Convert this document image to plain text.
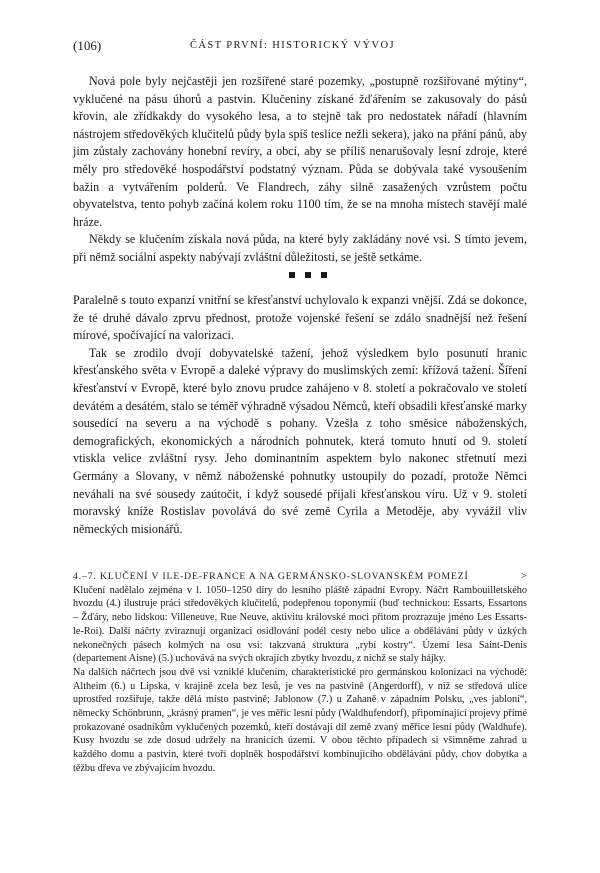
(106)	ČÁST PRVNÍ: HISTORICKÝ VÝVOJ

Nová pole byly nejčastěji jen rozšířené staré pozemky, „postupně rozšiřované mýtiny“, vyklučené na pásu úhorů a pastvin. Klučeniny získané žďářením se zakusovaly do pásů křovin, ale zřídkakdy do vysokého lesa, a to stejně tak pro nedostatek nářadí (hlavním nástrojem středověkých klučitelů půdy byla spíš teslice nežli sekera), jako na přání pánů, aby jim zůstaly zachovány honební revíry, a obcí, aby se příliš nenarušovaly lesní zdroje, které měly pro středověké hospodářství podstatný význam. Půda se dobývala také vysoušením bažin a vytvářením polderů. Ve Flandrech, záhy silně zasažených vzrůstem počtu obyvatelstva, tento pohyb začíná kolem roku 1100 tím, že se na mnoha místech stavějí malé hráze.

Někdy se klučením získala nová půda, na které byly zakládány nové vsi. S tímto jevem, při němž sociální aspekty nabývají zvláštní důležitosti, se ještě setkáme.

Paralelně s touto expanzí vnitřní se křesťanství uchylovalo k expanzi vnější. Zdá se dokonce, že té druhé dávalo zprvu přednost, protože vojenské řešení se zdálo snadnější než řešení mírové, spočívající na valorizaci.

Tak se zrodilo dvojí dobyvatelské tažení, jehož výsledkem bylo posunutí hranic křesťanského světa v Evropě a daleké výpravy do muslimských zemí: křížová tažení. Šíření křesťanství v Evropě, které bylo znovu prudce zahájeno v 8. století a pokračovalo ve století devátém a desátém, stalo se téměř výhradně výsadou Němců, kteří obsadili křesťanské marky sousedící na severu a na východě s pohany. Vzešla z toho směsice náboženských, demografických, ekonomických a národních pohnutek, která tomuto hnutí od 9. století vtiskla velice zvláštní rysy. Jeho dominantním aspektem bylo nakonec střetnutí mezi Germány a Slovany, v němž náboženské pohnutky ustoupily do pozadí, protože Němci neváhali na své sousedy zaútočit, i když sousedé přijali křesťanskou víru. Už v 9. století moravský kníže Rostislav povolává do své země Cyrila a Metoděje, aby vyvážil vliv německých misionářů.

4.–7. KLUČENÍ V ILE-DE-FRANCE A NA GERMÁNSKO-SLOVANSKÉM POMEZÍ	>

Klučení nadělalo zejména v l. 1050–1250 díry do lesního pláště západní Evropy. Náčrt Rambouilletského hvozdu (4.) ilustruje práci středověkých klučitelů, podepřenou toponymií (buď technickou: Essarts, Essartons – Žďáry, nebo lidskou: Villeneuve, Rue Neuve, aktivitu královské moci přitom prozrazuje jméno Les Essarts-le-Roi). Další náčrty zviraznují organizaci osidlování podél cesty nebo ulice a obdělávání půdy v úzkých nekonečných pásech kolmých na osu vsi: takzvaná struktura „rybí kostry“. Území lesa Saint-Denis (departement Aisne) (5.) uchovává na svých okrajích zbytky hvozdu, z nichž se staly hájky.

Na dalších náčrtech jsou dvě vsi vzniklé klučením, charakteristické pro germánskou kolonizaci na východě: Altheim (6.) u Lipska, v krajině zcela bez lesů, je ves na pastvině (Angerdorff), v níž se středová ulice uprostřed rozšiřuje, takže dělá místo pastvině; Jablonow (7.) u Zahaně v západním Polsku, „ves jabloní“, německy Schönbrunn, „krásný pramen“, je ves měřic lesní půdy (Waldhufendorf), připomínající projevy přímé prokazované osadníkům vyklučených pozemků, kteří dostávají díl země zvaný měřice lesní půdy (Waldhufe). Kusy hvozdu se zde dosud udržely na hranicích území. V obou těchto případech si všimněme zahrad u každého domu a pastvin, které tvoří doplněk hospodářství kombinujícího obdělávání půdy, chov dobytka a těžbu dřeva ve zbývajícím hvozdu.
